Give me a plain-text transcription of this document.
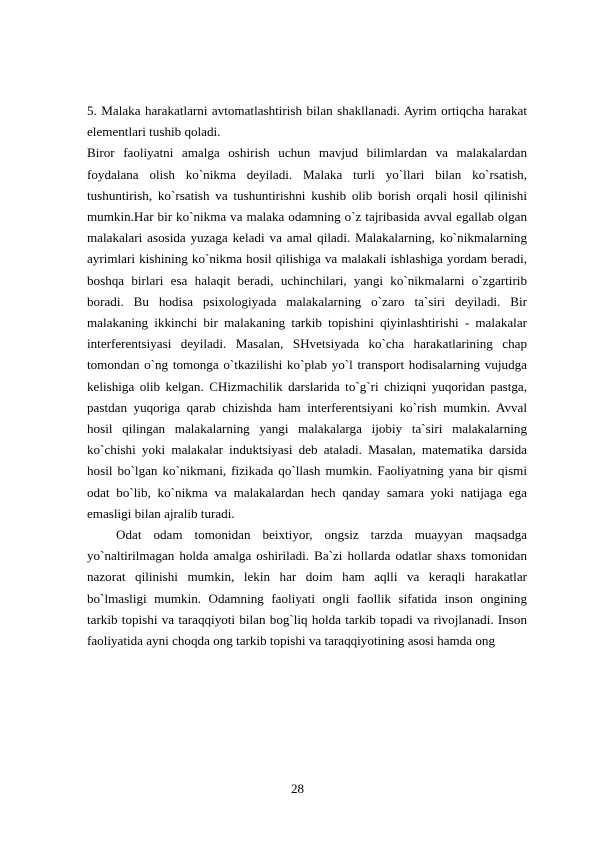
5. Malaka harakatlarni avtomatlashtirish bilan shakllanadi. Ayrim ortiqcha harakat elementlari tushib qoladi.

Biror faoliyatni amalga oshirish uchun mavjud bilimlardan va malakalardan foydalana olish ko`nikma deyiladi. Malaka turli yo`llari bilan ko`rsatish, tushuntirish, ko`rsatish va tushuntirishni kushib olib borish orqali hosil qilinishi mumkin.Har bir ko`nikma va malaka odamning o`z tajribasida avval egallab olgan malakalari asosida yuzaga keladi va amal qiladi. Malakalarning, ko`nikmalarning ayrimlari kishining ko`nikma hosil qilishiga va malakali ishlashiga yordam beradi, boshqa birlari esa halaqit beradi, uchinchilari, yangi ko`nikmalarni o`zgartirib boradi. Bu hodisa psixologiyada malakalarning o`zaro ta`siri deyiladi. Bir malakaning ikkinchi bir malakaning tarkib topishini qiyinlashtirishi - malakalar interferentsiyasi deyiladi. Masalan, SHvetsiyada ko`cha harakatlarining chap tomondan o`ng tomonga o`tkazilishi ko`plab yo`l transport hodisalarning vujudga kelishiga olib kelgan. CHizmachilik darslarida to`g`ri chiziqni yuqoridan pastga, pastdan yuqoriga qarab chizishda ham interferentsiyani ko`rish mumkin. Avval hosil qilingan malakalarning yangi malakalarga ijobiy ta`siri malakalarning ko`chishi yoki malakalar induktsiyasi deb ataladi. Masalan, matematika darsida hosil bo`lgan ko`nikmani, fizikada qo`llash mumkin. Faoliyatning yana bir qismi odat bo`lib, ko`nikma va malakalardan hech qanday samara yoki natijaga ega emasligi bilan ajralib turadi.

Odat odam tomonidan beixtiyor, ongsiz tarzda muayyan maqsadga yo`naltirilmagan holda amalga oshiriladi. Ba`zi hollarda odatlar shaxs tomonidan nazorat qilinishi mumkin, lekin har doim ham aqlli va keraqli harakatlar bo`lmasligi mumkin. Odamning faoliyati ongli faollik sifatida inson ongining tarkib topishi va taraqqiyoti bilan bog`liq holda tarkib topadi va rivojlanadi. Inson faoliyatida ayni choqda ong tarkib topishi va taraqqiyotining asosi hamda ong

28
